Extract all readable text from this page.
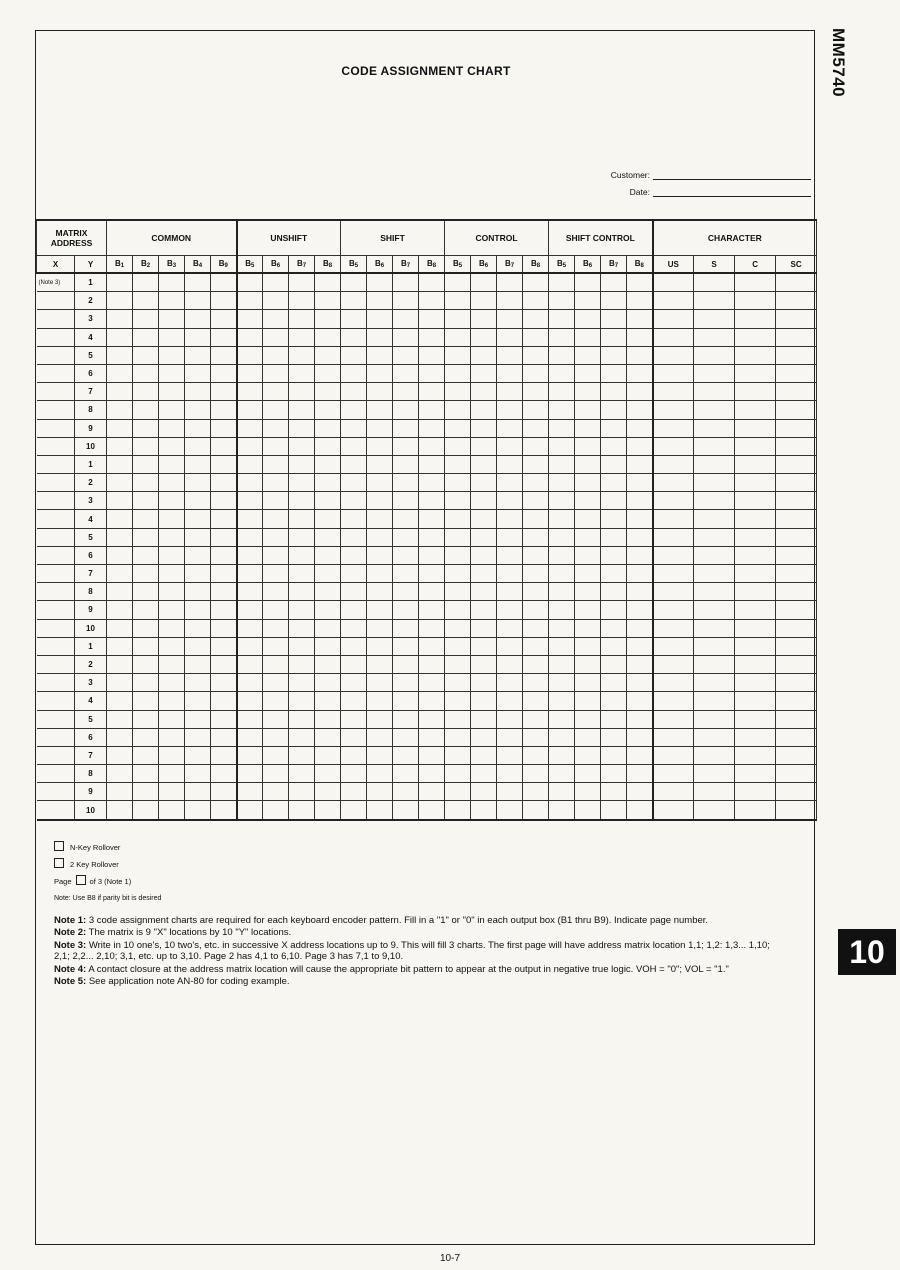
MM5740
10
CODE ASSIGNMENT CHART
Customer:
Date:
MATRIX ADDRESS		COMMON					UNSHIFT				SHIFT				CONTROL				SHIFT CONTROL				CHARACTER			
X	Y	$B_1$	$B_2$	$B_3$	$B_4$	$B_9$	$B_5$	$B_6$	$B_7$	$B_8$	$B_5$	$B_6$	$B_7$	$B_8$	$B_5$	$B_6$	$B_7$	$B_8$	$B_5$	$B_6$	$B_7$	$B_8$	US	S	C	SC
(Note 3)	1																									
	2																									
	3																									
	4																									
	5																									
	6																									
	7																									
	8																									
	9																									
	10																									
	1																									
	2																									
	3																									
	4																									
	5																									
	6																									
	7																									
	8																									
	9																									
	10																									
	1																									
	2																									
	3																									
	4																									
	5																									
	6																									
	7																									
	8																									
	9																									
	10																									
N-Key Rollover
2 Key Rollover
Page of 3 (Note 1)
Note: Use B8 if parity bit is desired

Note 1: 3 code assignment charts are required for each keyboard encoder pattern. Fill in a "1" or "0" in each output box (B1 thru B9). Indicate page number.

Note 2: The matrix is 9 "X" locations by 10 "Y" locations.

Note 3: Write in 10 one's, 10 two's, etc. in successive X address locations up to 9. This will fill 3 charts. The first page will have address matrix location 1,1; 1,2: 1,3... 1,10; 2,1; 2,2... 2,10; 3,1, etc. up to 3,10. Page 2 has 4,1 to 6,10. Page 3 has 7,1 to 9,10.

Note 4: A contact closure at the address matrix location will cause the appropriate bit pattern to appear at the output in negative true logic. VOH = "0"; VOL = "1."

Note 5: See application note AN-80 for coding example.

10-7
